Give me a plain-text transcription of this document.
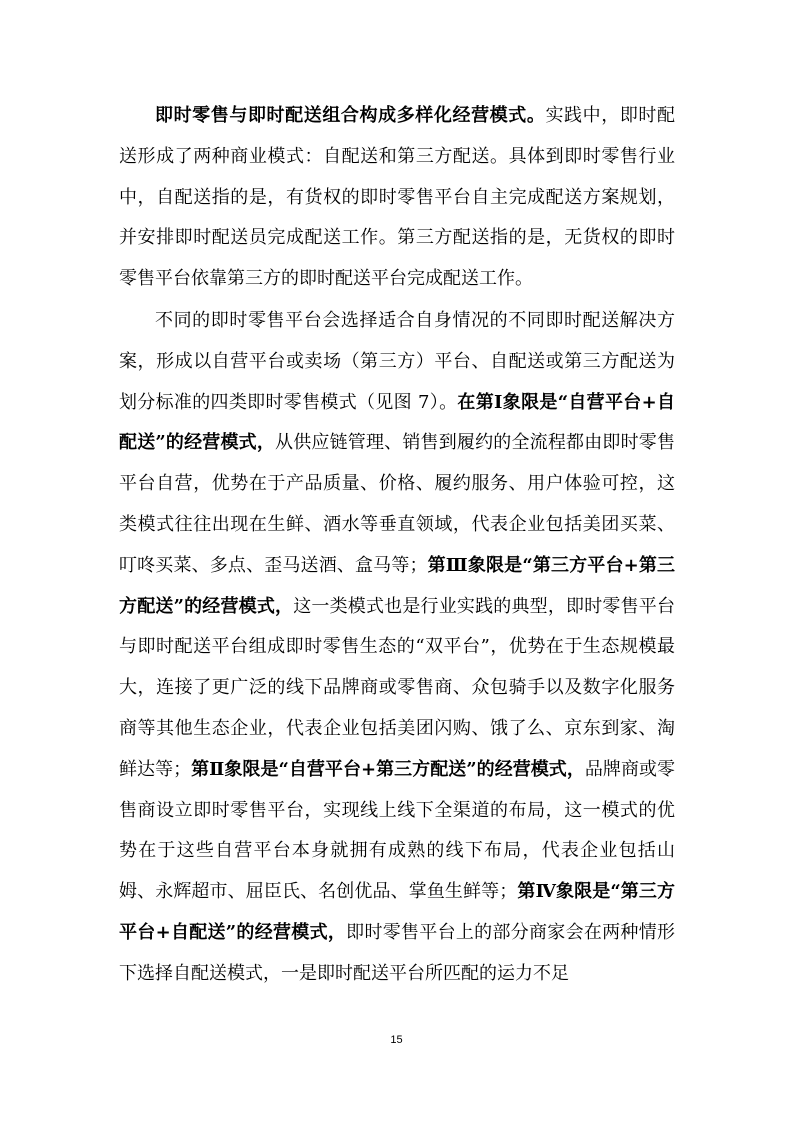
即时零售与即时配送组合构成多样化经营模式。实践中，即时配送形成了两种商业模式：自配送和第三方配送。具体到即时零售行业中，自配送指的是，有货权的即时零售平台自主完成配送方案规划，并安排即时配送员完成配送工作。第三方配送指的是，无货权的即时零售平台依靠第三方的即时配送平台完成配送工作。

不同的即时零售平台会选择适合自身情况的不同即时配送解决方案，形成以自营平台或卖场（第三方）平台、自配送或第三方配送为划分标准的四类即时零售模式（见图 7）。在第Ⅰ象限是“自营平台+自配送”的经营模式，从供应链管理、销售到履约的全流程都由即时零售平台自营，优势在于产品质量、价格、履约服务、用户体验可控，这类模式往往出现在生鲜、酒水等垂直领域，代表企业包括美团买菜、叮咚买菜、多点、歪马送酒、盒马等；第Ⅲ象限是“第三方平台+第三方配送”的经营模式，这一类模式也是行业实践的典型，即时零售平台与即时配送平台组成即时零售生态的“双平台”，优势在于生态规模最大，连接了更广泛的线下品牌商或零售商、众包骑手以及数字化服务商等其他生态企业，代表企业包括美团闪购、饿了么、京东到家、淘鲜达等；第Ⅱ象限是“自营平台+第三方配送”的经营模式，品牌商或零售商设立即时零售平台，实现线上线下全渠道的布局，这一模式的优势在于这些自营平台本身就拥有成熟的线下布局，代表企业包括山姆、永辉超市、屈臣氏、名创优品、掌鱼生鲜等；第Ⅳ象限是“第三方平台+自配送”的经营模式，即时零售平台上的部分商家会在两种情形下选择自配送模式，一是即时配送平台所匹配的运力不足

15
